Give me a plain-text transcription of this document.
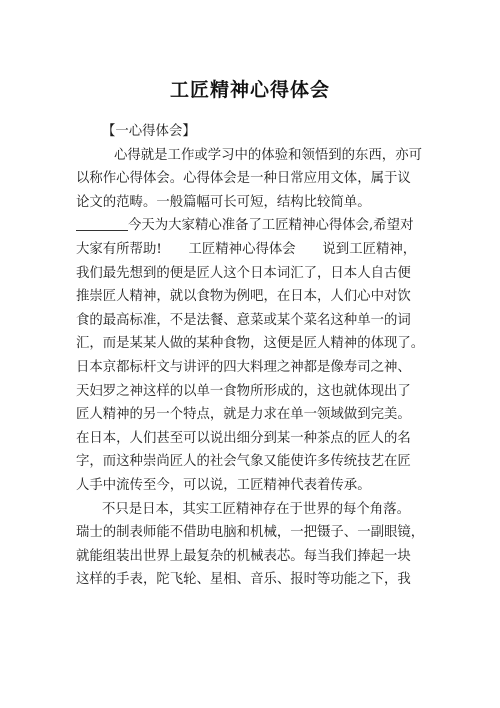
工匠精神心得体会
【一心得体会】
心得就是工作或学习中的体验和领悟到的东西，亦可
以称作心得体会。心得体会是一种日常应用文体，属于议
论文的范畴。一般篇幅可长可短，结构比较简单。
今天为大家精心准备了工匠精神心得体会,希望对
大家有所帮助!　　工匠精神心得体会　　说到工匠精神，
我们最先想到的便是匠人这个日本词汇了，日本人自古便
推崇匠人精神，就以食物为例吧，在日本，人们心中对饮
食的最高标准，不是法餐、意菜或某个菜名这种单一的词
汇，而是某某人做的某种食物，这便是匠人精神的体现了。
日本京都标杆文与讲评的四大料理之神都是像寿司之神、
天妇罗之神这样的以单一食物所形成的，这也就体现出了
匠人精神的另一个特点，就是力求在单一领域做到完美。
在日本，人们甚至可以说出细分到某一种茶点的匠人的名
字，而这种崇尚匠人的社会气象又能使许多传统技艺在匠
人手中流传至今，可以说，工匠精神代表着传承。
不只是日本，其实工匠精神存在于世界的每个角落。
瑞士的制表师能不借助电脑和机械，一把镊子、一副眼镜，
就能组装出世界上最复杂的机械表芯。每当我们捧起一块
这样的手表，陀飞轮、星相、音乐、报时等功能之下，我
